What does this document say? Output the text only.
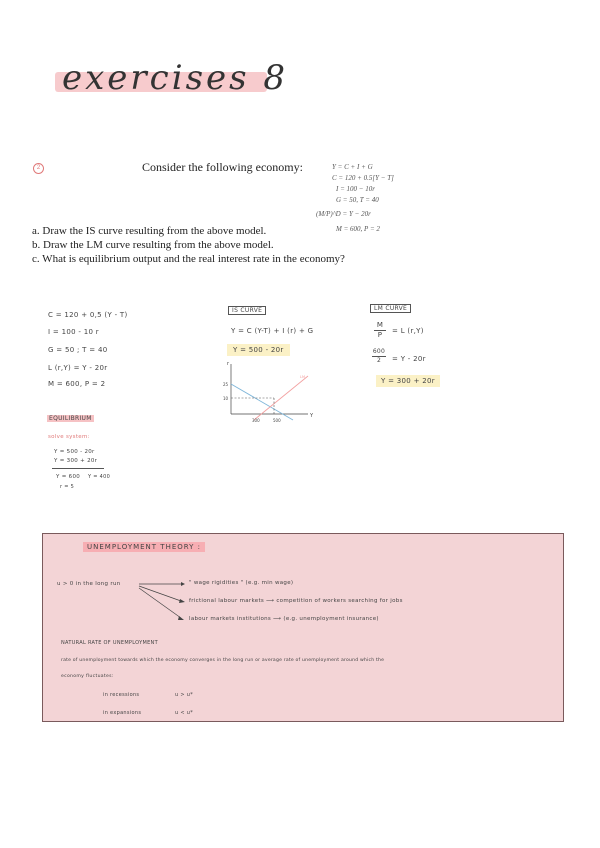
exercises 8
2	Consider the following economy:	Y = C + I + G
C = 120 + 0.5[Y − T]
I = 100 − 10r
G = 50, T = 40
(M/P)^D = Y − 20r
M = 600, P = 2
a. Draw the IS curve resulting from the above model.
b. Draw the LM curve resulting from the above model.
c. What is equilibrium output and the real interest rate in the economy?
C = 120 + 0,5 (Y - T)
I = 100 - 10 r
G = 50 ; T = 40
L (r,Y) = Y - 20r
M = 600, P = 2
EQUILIBRIUM
solve system:
Y = 500 - 20r
Y = 300 + 20r
Y = 600 Y = 400
r = 5
IS CURVE
Y = C (Y-T) + I (r) + G
Y = 500 - 20r
r
Y
25
10
300	500
LM
LM CURVE
$\frac{M}{P} = L$ (r,Y)
$\frac{600}{2} = Y - 20r$
Y = 300 + 20r
UNEMPLOYMENT THEORY :
u > 0 in the long run	" wage rigidities " (e.g. min wage)
frictional labour markets ⟶ competition of workers searching for jobs
labour markets institutions ⟶ (e.g. unemployment insurance)
NATURAL RATE OF UNEMPLOYMENT
rate of unemployment towards which the economy converges in the long run or average rate of unemployment around which the
economy fluctuates:
in recessions	u > u*
in expansions	u < u*
